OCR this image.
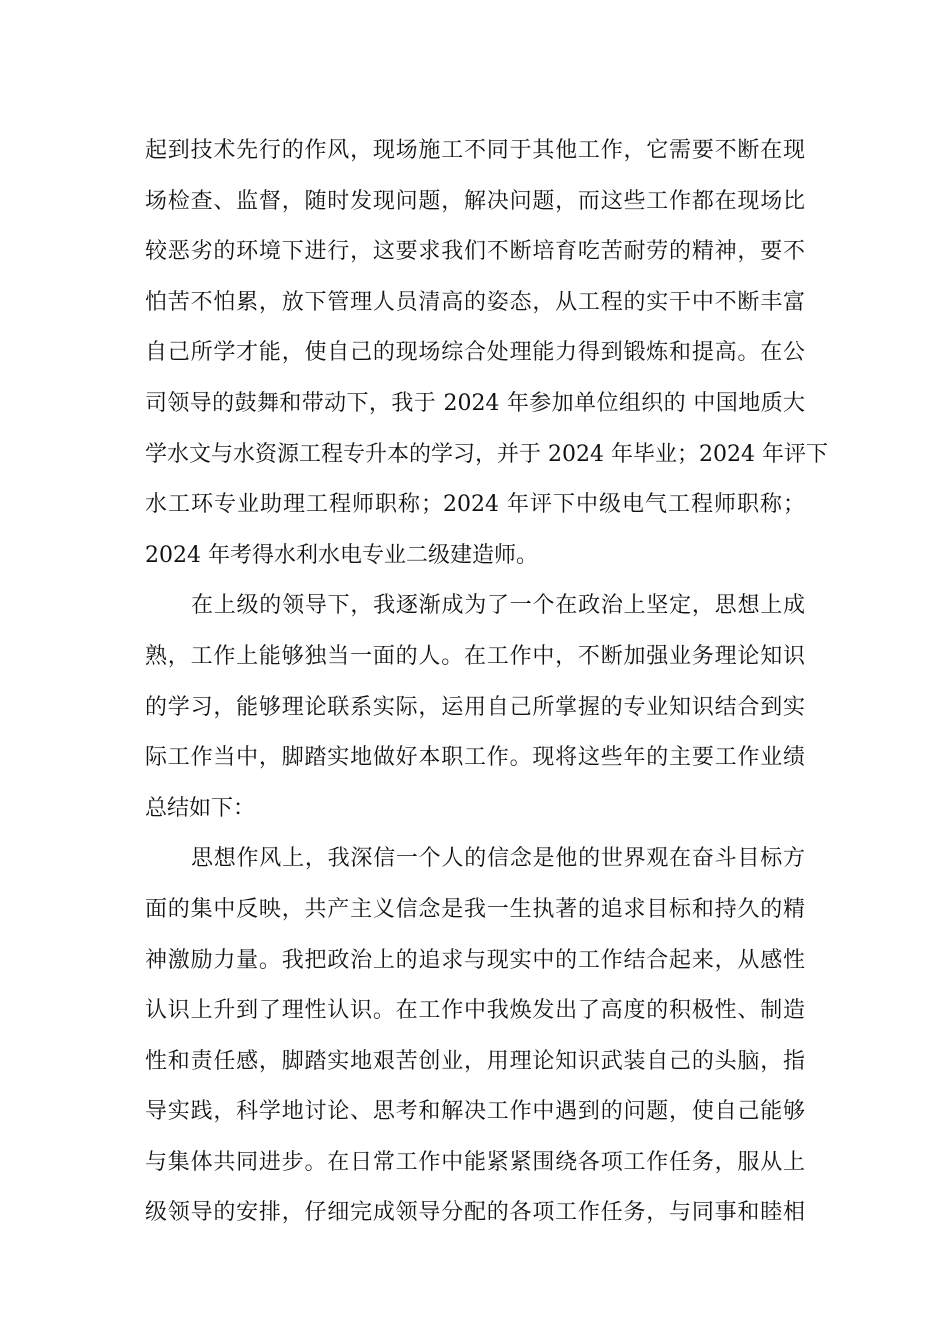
起到技术先行的作风，现场施工不同于其他工作，它需要不断在现
场检查、监督，随时发现问题，解决问题，而这些工作都在现场比
较恶劣的环境下进行，这要求我们不断培育吃苦耐劳的精神，要不
怕苦不怕累，放下管理人员清高的姿态，从工程的实干中不断丰富
自己所学才能，使自己的现场综合处理能力得到锻炼和提高。在公
司领导的鼓舞和带动下，我于 2024 年参加单位组织的 中国地质大
学水文与水资源工程专升本的学习，并于 2024 年毕业；2024 年评下
水工环专业助理工程师职称；2024 年评下中级电气工程师职称；
2024 年考得水利水电专业二级建造师。
在上级的领导下，我逐渐成为了一个在政治上坚定，思想上成
熟，工作上能够独当一面的人。在工作中，不断加强业务理论知识
的学习，能够理论联系实际，运用自己所掌握的专业知识结合到实
际工作当中，脚踏实地做好本职工作。现将这些年的主要工作业绩
总结如下：
思想作风上，我深信一个人的信念是他的世界观在奋斗目标方
面的集中反映，共产主义信念是我一生执著的追求目标和持久的精
神激励力量。我把政治上的追求与现实中的工作结合起来，从感性
认识上升到了理性认识。在工作中我焕发出了高度的积极性、制造
性和责任感，脚踏实地艰苦创业，用理论知识武装自己的头脑，指
导实践，科学地讨论、思考和解决工作中遇到的问题，使自己能够
与集体共同进步。在日常工作中能紧紧围绕各项工作任务，服从上
级领导的安排，仔细完成领导分配的各项工作任务，与同事和睦相
